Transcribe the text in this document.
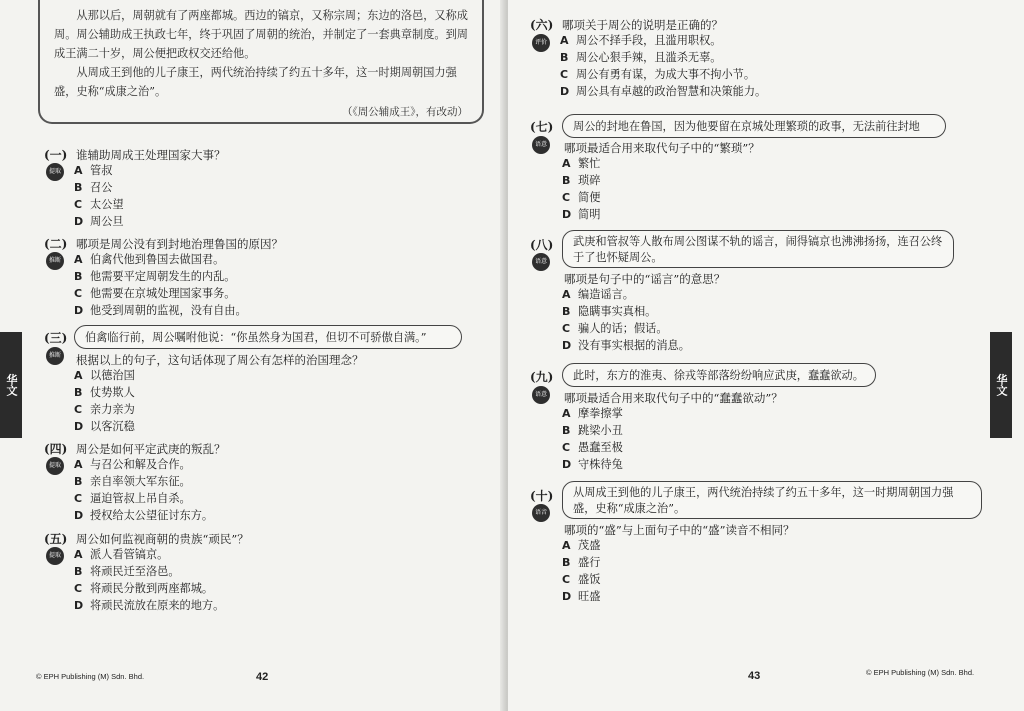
从那以后，周朝就有了两座都城。西边的镐京，又称宗周；东边的洛邑，又称成周。周公辅助成王执政七年，终于巩固了周朝的统治，并制定了一套典章制度。到周成王满二十岁，周公便把政权交还给他。

从周成王到他的儿子康王，两代统治持续了约五十多年，这一时期周朝国力强盛，史称“成康之治”。

（《周公辅成王》，有改动）
(一) 谁辅助周成王处理国家大事？
提取 A 管叔
B 召公
C 太公望
D 周公旦
(二) 哪项是周公没有到封地治理鲁国的原因？
推断 A 伯禽代他到鲁国去做国君。
B 他需要平定周朝发生的内乱。
C 他需要在京城处理国家事务。
D 他受到周朝的监视，没有自由。
(三)	伯禽临行前，周公嘱咐他说：“你虽然身为国君，但切不可骄傲自满。”
推断 根据以上的句子，这句话体现了周公有怎样的治国理念？
A 以德治国
B 仗势欺人
C 亲力亲为
D 以客沉稳
(四) 周公是如何平定武庚的叛乱？
提取 A 与召公和解及合作。
B 亲自率领大军东征。
C 逼迫管叔上吊自杀。
D 授权给太公望征讨东方。
(五) 周公如何监视商朝的贵族“顽民”？
提取 A 派人看管镐京。
B 将顽民迁至洛邑。
C 将顽民分散到两座都城。
D 将顽民流放在原来的地方。
华文
© EPH Publishing (M) Sdn. Bhd.	42
(六) 哪项关于周公的说明是正确的？
评价 A 周公不择手段，且滥用职权。
B 周公心狠手辣，且滥杀无辜。
C 周公有勇有谋，为成大事不拘小节。
D 周公具有卓越的政治智慧和决策能力。
(七)	周公的封地在鲁国，因为他要留在京城处理繁琐的政事，无法前往封地
语意 哪项最适合用来取代句子中的“繁琐”？
A 繁忙
B 琐碎
C 简便
D 简明
(八)	武庚和管叔等人散布周公图谋不轨的谣言，闹得镐京也沸沸扬扬，连召公终于了也怀疑周公。
语意
哪项是句子中的“谣言”的意思？
A 编造谣言。
B 隐瞒事实真相。
C 骗人的话；假话。
D 没有事实根据的消息。
(九)	此时，东方的淮夷、徐戎等部落纷纷响应武庚，蠢蠢欲动。
语意 哪项最适合用来取代句子中的“蠢蠢欲动”？
A 摩拳擦掌
B 跳梁小丑
C 愚蠢至极
D 守株待兔
(十)	从周成王到他的儿子康王，两代统治持续了约五十多年，这一时期周朝国力强盛，史称“成康之治”。
语音
哪项的“盛”与上面句子中的“盛”读音不相同？
A 茂盛
B 盛行
C 盛饭
D 旺盛
华文
43	© EPH Publishing (M) Sdn. Bhd.
